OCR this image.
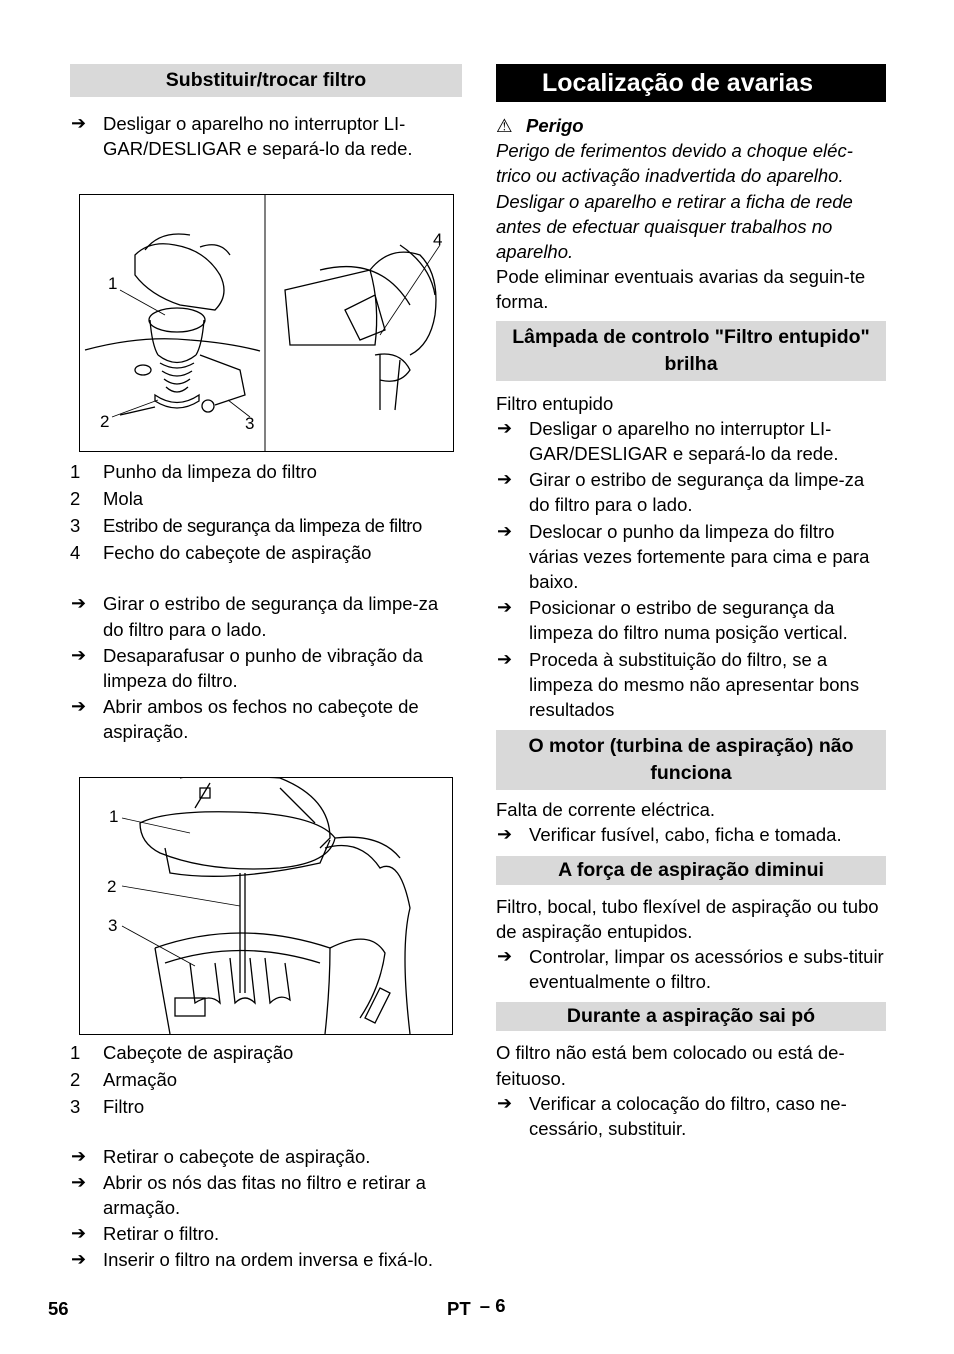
Substituir/trocar filtro
➔ Desligar o aparelho no interruptor LI-GAR/DESLIGAR e separá-lo da rede.
1
2	3
4
1 Punho da limpeza do filtro
2 Mola
3 Estribo de segurança da limpeza de filtro
4 Fecho do cabeçote de aspiração
➔ Girar o estribo de segurança da limpe-za do filtro para o lado.
➔ Desaparafusar o punho de vibração da limpeza do filtro.
➔ Abrir ambos os fechos no cabeçote de aspiração.
1
2
3
1 Cabeçote de aspiração
2 Armação
3 Filtro
➔ Retirar o cabeçote de aspiração.
➔ Abrir os nós das fitas no filtro e retirar a armação.
➔ Retirar o filtro.
➔ Inserir o filtro na ordem inversa e fixá-lo.
Localização de avarias
⚠ Perigo
Perigo de ferimentos devido a choque eléc-trico ou activação inadvertida do aparelho. Desligar o aparelho e retirar a ficha de rede antes de efectuar quaisquer trabalhos no aparelho.
Pode eliminar eventuais avarias da seguin-te forma.
Lâmpada de controlo "Filtro entupido" brilha
Filtro entupido
➔ Desligar o aparelho no interruptor LI-GAR/DESLIGAR e separá-lo da rede.
➔ Girar o estribo de segurança da limpe-za do filtro para o lado.
➔ Deslocar o punho da limpeza do filtro várias vezes fortemente para cima e para baixo.
➔ Posicionar o estribo de segurança da limpeza do filtro numa posição vertical.
➔ Proceda à substituição do filtro, se a limpeza do mesmo não apresentar bons resultados
O motor (turbina de aspiração) não funciona
Falta de corrente eléctrica.
➔ Verificar fusível, cabo, ficha e tomada.
A força de aspiração diminui
Filtro, bocal, tubo flexível de aspiração ou tubo de aspiração entupidos.
➔ Controlar, limpar os acessórios e subs-tituir eventualmente o filtro.
Durante a aspiração sai pó
O filtro não está bem colocado ou está de-feituoso.
➔ Verificar a colocação do filtro, caso ne-cessário, substituir.
56	PT – 6
